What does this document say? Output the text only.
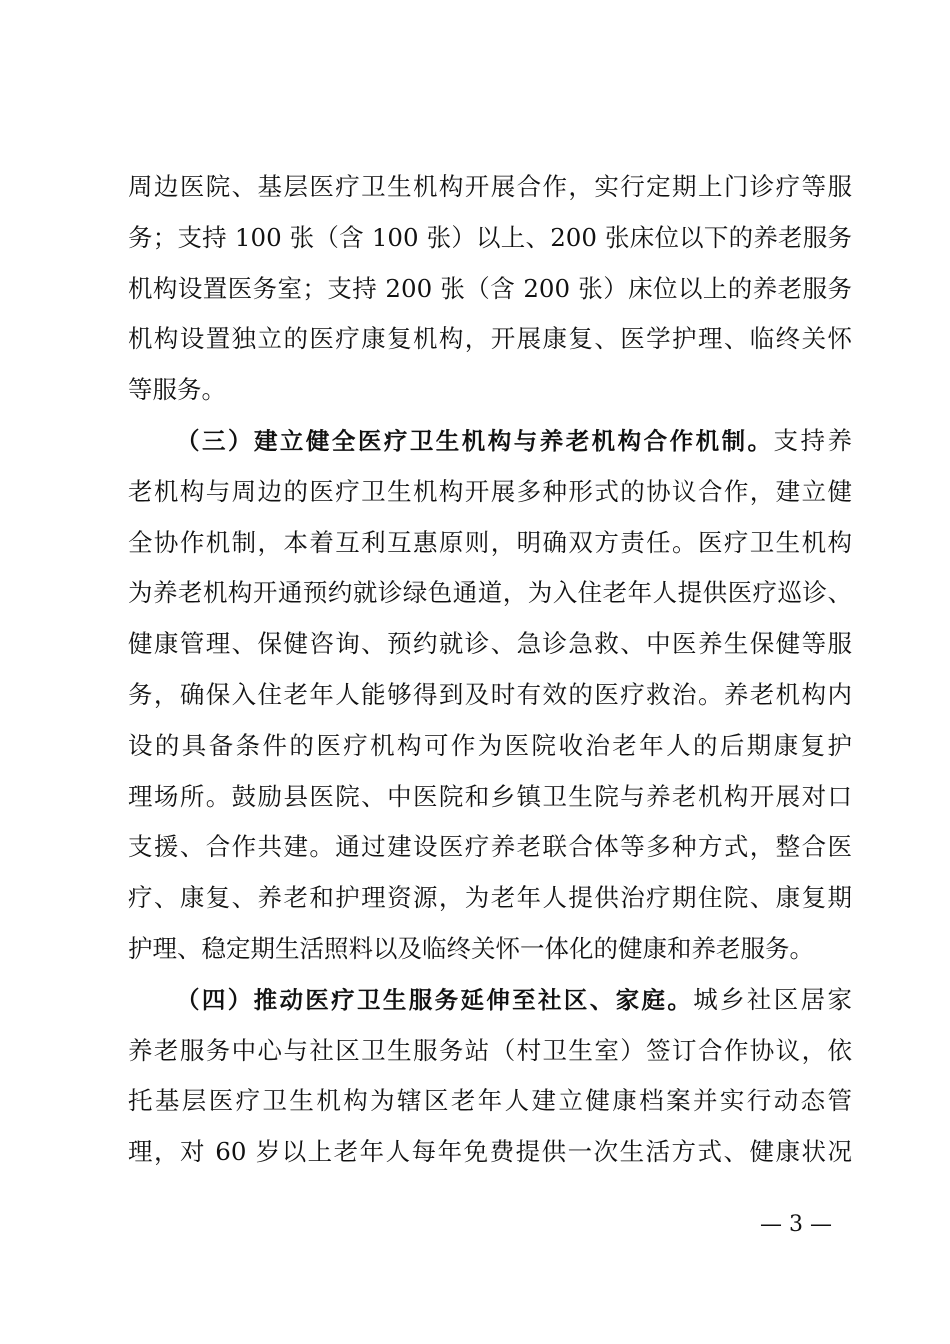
周边医院、基层医疗卫生机构开展合作，实行定期上门诊疗等服
务；支持 100 张（含 100 张）以上、200 张床位以下的养老服务
机构设置医务室；支持 200 张（含 200 张）床位以上的养老服务
机构设置独立的医疗康复机构，开展康复、医学护理、临终关怀
等服务。
（三）建立健全医疗卫生机构与养老机构合作机制。支持养
老机构与周边的医疗卫生机构开展多种形式的协议合作，建立健
全协作机制，本着互利互惠原则，明确双方责任。医疗卫生机构
为养老机构开通预约就诊绿色通道，为入住老年人提供医疗巡诊、
健康管理、保健咨询、预约就诊、急诊急救、中医养生保健等服
务，确保入住老年人能够得到及时有效的医疗救治。养老机构内
设的具备条件的医疗机构可作为医院收治老年人的后期康复护
理场所。鼓励县医院、中医院和乡镇卫生院与养老机构开展对口
支援、合作共建。通过建设医疗养老联合体等多种方式，整合医
疗、康复、养老和护理资源，为老年人提供治疗期住院、康复期
护理、稳定期生活照料以及临终关怀一体化的健康和养老服务。
（四）推动医疗卫生服务延伸至社区、家庭。城乡社区居家
养老服务中心与社区卫生服务站（村卫生室）签订合作协议，依
托基层医疗卫生机构为辖区老年人建立健康档案并实行动态管
理，对 60 岁以上老年人每年免费提供一次生活方式、健康状况
— 3 —
